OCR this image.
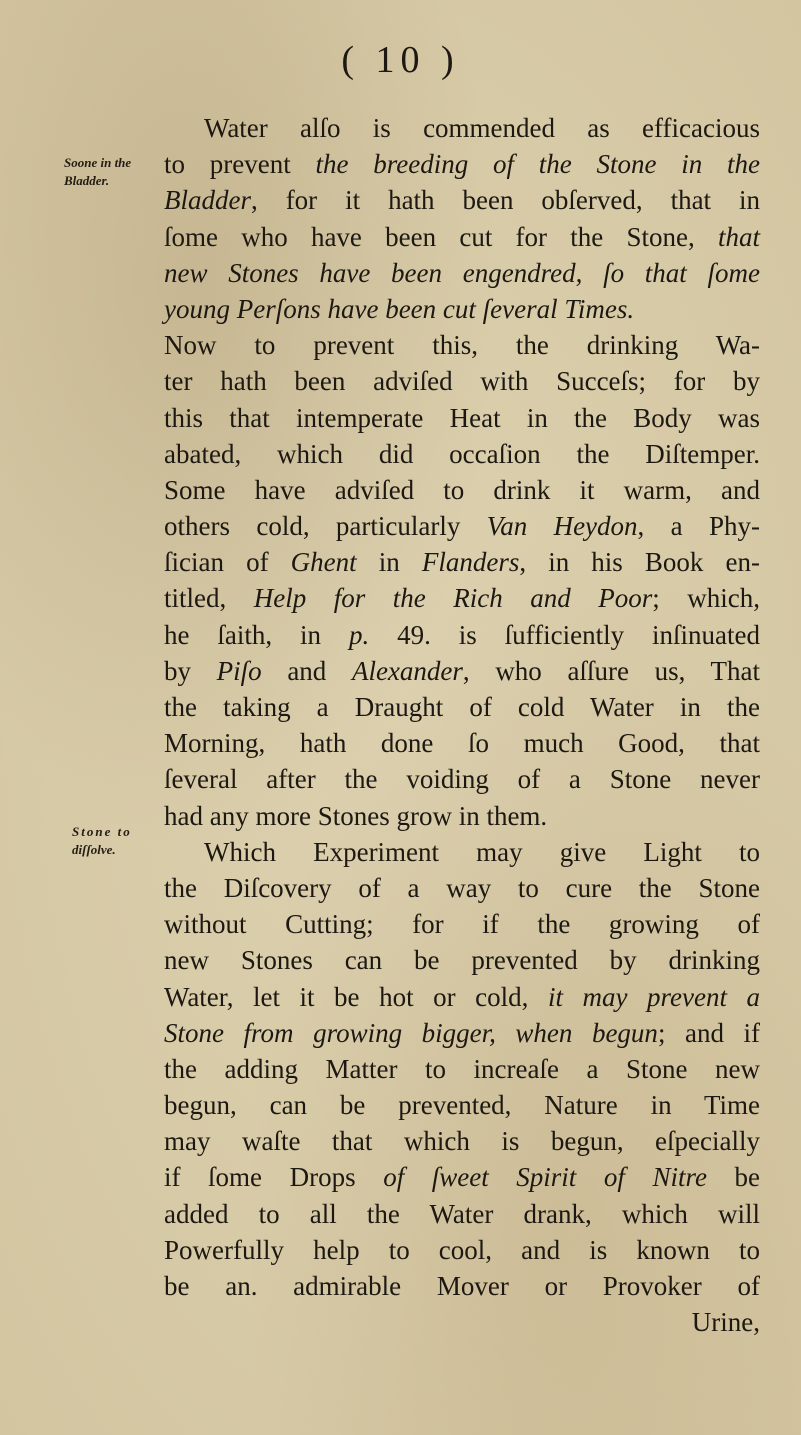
( 10 )
Soone in the
Bladder.
Stone to
diſſolve.
Water alſo is commended as efficacious
to prevent the breeding of the Stone in the
Bladder, for it hath been obſerved, that in
ſome who have been cut for the Stone, that
new Stones have been engendred, ſo that ſome
young Perſons have been cut ſeveral Times.
Now to prevent this, the drinking Wa-
ter hath been adviſed with Succeſs; for by
this that intemperate Heat in the Body was
abated, which did occaſion the Diſtemper.
Some have adviſed to drink it warm, and
others cold, particularly Van Heydon, a Phy-
ſician of Ghent in Flanders, in his Book en-
titled, Help for the Rich and Poor; which,
he ſaith, in p. 49. is ſufficiently inſinuated
by Piſo and Alexander, who aſſure us, That
the taking a Draught of cold Water in the
Morning, hath done ſo much Good, that
ſeveral after the voiding of a Stone never
had any more Stones grow in them.
Which Experiment may give Light to
the Diſcovery of a way to cure the Stone
without Cutting; for if the growing of
new Stones can be prevented by drinking
Water, let it be hot or cold, it may prevent a
Stone from growing bigger, when begun; and if
the adding Matter to increaſe a Stone new
begun, can be prevented, Nature in Time
may waſte that which is begun, eſpecially
if ſome Drops of ſweet Spirit of Nitre be
added to all the Water drank, which will
Powerfully help to cool, and is known to
be an. admirable Mover or Provoker of
Urine,
